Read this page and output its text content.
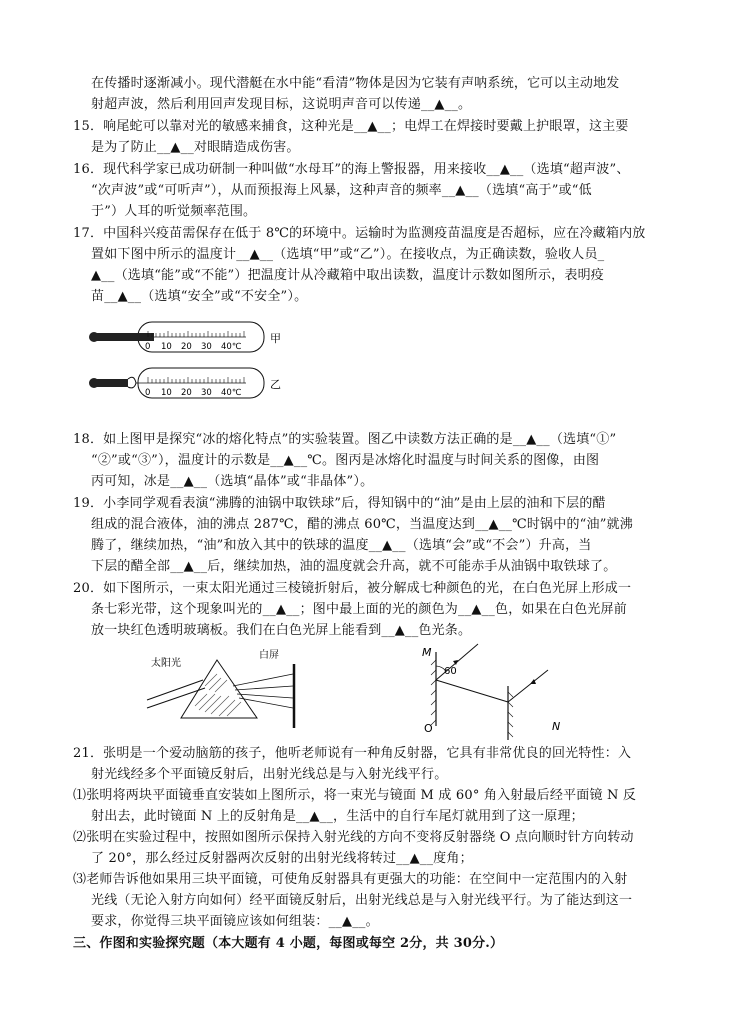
在传播时逐渐减小。现代潜艇在水中能“看清”物体是因为它装有声呐系统，它可以主动地发
射超声波，然后利用回声发现目标，这说明声音可以传递__▲__。
15．响尾蛇可以靠对光的敏感来捕食，这种光是__▲__；电焊工在焊接时要戴上护眼罩，这主要
是为了防止__▲__对眼睛造成伤害。
16．现代科学家已成功研制一种叫做“水母耳”的海上警报器，用来接收__▲__（选填“超声波”、
“次声波”或“可听声”），从而预报海上风暴，这种声音的频率__▲__（选填“高于”或“低
于”）人耳的听觉频率范围。
17．中国科兴疫苗需保存在低于 8℃的环境中。运输时为监测疫苗温度是否超标，应在冷藏箱内放
置如下图中所示的温度计__▲__（选填“甲”或“乙”）。在接收点，为正确读数，验收人员_
▲__（选填“能”或“不能”）把温度计从冷藏箱中取出读数，温度计示数如图所示，表明疫
苗__▲__（选填“安全”或“不安全”）。
0 10 20 30 40℃
甲
0 10 20 30 40℃
乙
18．如上图甲是探究“冰的熔化特点”的实验装置。图乙中读数方法正确的是__▲__（选填“①”
“②”或“③”），温度计的示数是__▲__℃。图丙是冰熔化时温度与时间关系的图像，由图
丙可知，冰是__▲__（选填“晶体”或“非晶体”）。
19．小李同学观看表演“沸腾的油锅中取铁球”后，得知锅中的“油”是由上层的油和下层的醋
组成的混合液体，油的沸点 287℃，醋的沸点 60℃，当温度达到__▲__℃时锅中的“油”就沸
腾了，继续加热，“油”和放入其中的铁球的温度__▲__（选填“会”或“不会”）升高，当
下层的醋全部__▲__后，继续加热，油的温度就会升高，就不可能赤手从油锅中取铁球了。
20．如下图所示，一束太阳光通过三棱镜折射后，被分解成七种颜色的光，在白色光屏上形成一
条七彩光带，这个现象叫光的__▲__；图中最上面的光的颜色为__▲__色，如果在白色光屏前
放一块红色透明玻璃板。我们在白色光屏上能看到__▲__色光条。
太阳光
白屏	M
O	N
60
21．张明是一个爱动脑筋的孩子，他听老师说有一种角反射器，它具有非常优良的回光特性：入
射光线经多个平面镜反射后，出射光线总是与入射光线平行。
⑴张明将两块平面镜垂直安装如上图所示，将一束光与镜面 M 成 60° 角入射最后经平面镜 N 反
射出去，此时镜面 N 上的反射角是__▲__，生活中的自行车尾灯就用到了这一原理；
⑵张明在实验过程中，按照如图所示保持入射光线的方向不变将反射器绕 O 点向顺时针方向转动
了 20°，那么经过反射器两次反射的出射光线将转过__▲__度角；
⑶老师告诉他如果用三块平面镜，可使角反射器具有更强大的功能：在空间中一定范围内的入射
光线（无论入射方向如何）经平面镜反射后，出射光线总是与入射光线平行。为了能达到这一
要求，你觉得三块平面镜应该如何组装：__▲__。
三、作图和实验探究题（本大题有 4 小题，每图或每空 2分，共 30分.）
